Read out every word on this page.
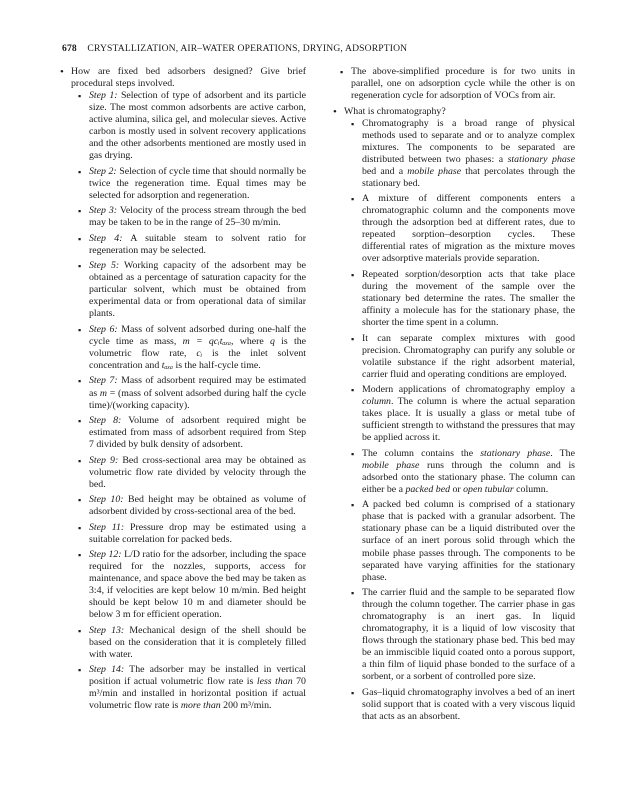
678 CRYSTALLIZATION, AIR–WATER OPERATIONS, DRYING, ADSORPTION

• How are fixed bed adsorbers designed? Give brief procedural steps involved.

▪ Step 1: Selection of type of adsorbent and its particle size. The most common adsorbents are active carbon, active alumina, silica gel, and molecular sieves. Active carbon is mostly used in solvent recovery applications and the other adsorbents mentioned are mostly used in gas drying.
▪ Step 2: Selection of cycle time that should normally be twice the regeneration time. Equal times may be selected for adsorption and regeneration.
▪ Step 3: Velocity of the process stream through the bed may be taken to be in the range of 25–30 m/min.
▪ Step 4: A suitable steam to solvent ratio for regeneration may be selected.
▪ Step 5: Working capacity of the adsorbent may be obtained as a percentage of saturation capacity for the particular solvent, which must be obtained from experimental data or from operational data of similar plants.
▪ Step 6: Mass of solvent adsorbed during one-half the cycle time as mass, m = qcᵢtₐₓₐ, where q is the volumetric flow rate, cᵢ is the inlet solvent concentration and tₐₓₐ is the half-cycle time.
▪ Step 7: Mass of adsorbent required may be estimated as m = (mass of solvent adsorbed during half the cycle time)/(working capacity).
▪ Step 8: Volume of adsorbent required might be estimated from mass of adsorbent required from Step 7 divided by bulk density of adsorbent.
▪ Step 9: Bed cross-sectional area may be obtained as volumetric flow rate divided by velocity through the bed.
▪ Step 10: Bed height may be obtained as volume of adsorbent divided by cross-sectional area of the bed.
▪ Step 11: Pressure drop may be estimated using a suitable correlation for packed beds.
▪ Step 12: L/D ratio for the adsorber, including the space required for the nozzles, supports, access for maintenance, and space above the bed may be taken as 3:4, if velocities are kept below 10 m/min. Bed height should be kept below 10 m and diameter should be below 3 m for efficient operation.
▪ Step 13: Mechanical design of the shell should be based on the consideration that it is completely filled with water.
▪ Step 14: The adsorber may be installed in vertical position if actual volumetric flow rate is less than 70 m³/min and installed in horizontal position if actual volumetric flow rate is more than 200 m³/min.
▪ The above-simplified procedure is for two units in parallel, one on adsorption cycle while the other is on regeneration cycle for adsorption of VOCs from air.

• What is chromatography?

▪ Chromatography is a broad range of physical methods used to separate and or to analyze complex mixtures. The components to be separated are distributed between two phases: a stationary phase bed and a mobile phase that percolates through the stationary bed.
▪ A mixture of different components enters a chromatographic column and the components move through the adsorption bed at different rates, due to repeated sorption–desorption cycles. These differential rates of migration as the mixture moves over adsorptive materials provide separation.
▪ Repeated sorption/desorption acts that take place during the movement of the sample over the stationary bed determine the rates. The smaller the affinity a molecule has for the stationary phase, the shorter the time spent in a column.
▪ It can separate complex mixtures with good precision. Chromatography can purify any soluble or volatile substance if the right adsorbent material, carrier fluid and operating conditions are employed.
▪ Modern applications of chromatography employ a column. The column is where the actual separation takes place. It is usually a glass or metal tube of sufficient strength to withstand the pressures that may be applied across it.
▪ The column contains the stationary phase. The mobile phase runs through the column and is adsorbed onto the stationary phase. The column can either be a packed bed or open tubular column.
▪ A packed bed column is comprised of a stationary phase that is packed with a granular adsorbent. The stationary phase can be a liquid distributed over the surface of an inert porous solid through which the mobile phase passes through. The components to be separated have varying affinities for the stationary phase.
▪ The carrier fluid and the sample to be separated flow through the column together. The carrier phase in gas chromatography is an inert gas. In liquid chromatography, it is a liquid of low viscosity that flows through the stationary phase bed. This bed may be an immiscible liquid coated onto a porous support, a thin film of liquid phase bonded to the surface of a sorbent, or a sorbent of controlled pore size.
▪ Gas–liquid chromatography involves a bed of an inert solid support that is coated with a very viscous liquid that acts as an absorbent.
